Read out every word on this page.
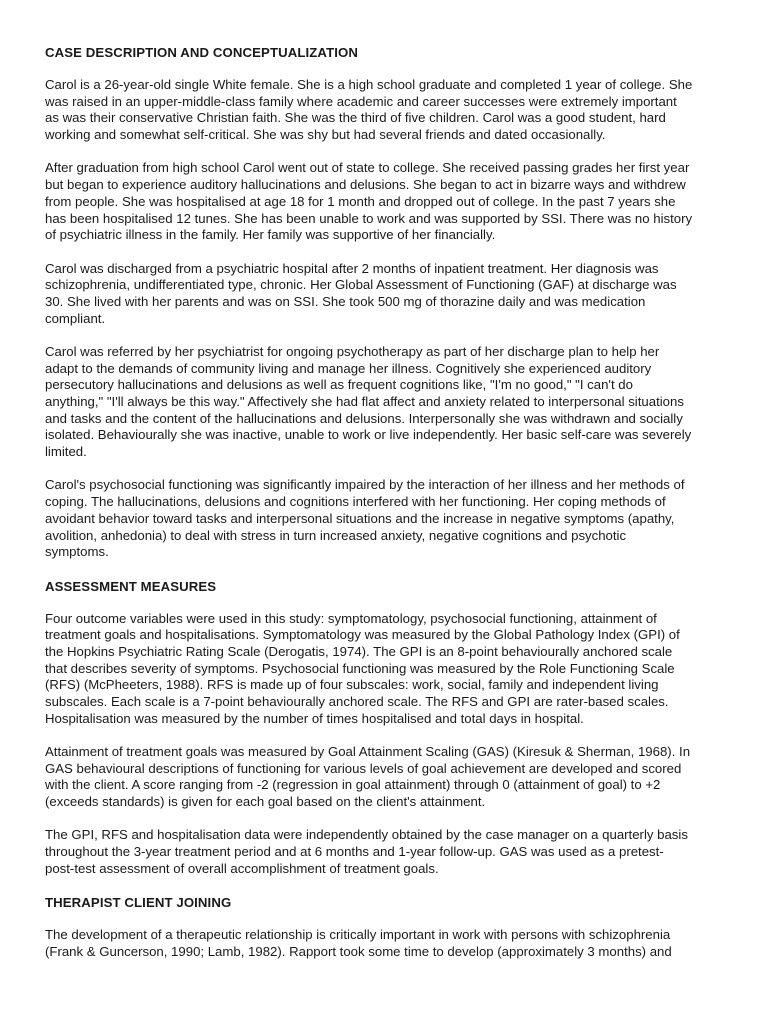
CASE DESCRIPTION AND CONCEPTUALIZATION
Carol is a 26-year-old single White female. She is a high school graduate and completed 1 year of college. She
was raised in an upper-middle-class family where academic and career successes were extremely important
as was their conservative Christian faith. She was the third of five children. Carol was a good student, hard
working and somewhat self-critical. She was shy but had several friends and dated occasionally.
After graduation from high school Carol went out of state to college. She received passing grades her first year
but began to experience auditory hallucinations and delusions. She began to act in bizarre ways and withdrew
from people. She was hospitalised at age 18 for 1 month and dropped out of college. In the past 7 years she
has been hospitalised 12 tunes. She has been unable to work and was supported by SSI. There was no history
of psychiatric illness in the family. Her family was supportive of her financially.
Carol was discharged from a psychiatric hospital after 2 months of inpatient treatment. Her diagnosis was
schizophrenia, undifferentiated type, chronic. Her Global Assessment of Functioning (GAF) at discharge was
30. She lived with her parents and was on SSI. She took 500 mg of thorazine daily and was medication
compliant.
Carol was referred by her psychiatrist for ongoing psychotherapy as part of her discharge plan to help her
adapt to the demands of community living and manage her illness. Cognitively she experienced auditory
persecutory hallucinations and delusions as well as frequent cognitions like, "I'm no good," "I can't do
anything," "I'll always be this way." Affectively she had flat affect and anxiety related to interpersonal situations
and tasks and the content of the hallucinations and delusions. Interpersonally she was withdrawn and socially
isolated. Behaviourally she was inactive, unable to work or live independently. Her basic self-care was severely
limited.
Carol's psychosocial functioning was significantly impaired by the interaction of her illness and her methods of
coping. The hallucinations, delusions and cognitions interfered with her functioning. Her coping methods of
avoidant behavior toward tasks and interpersonal situations and the increase in negative symptoms (apathy,
avolition, anhedonia) to deal with stress in turn increased anxiety, negative cognitions and psychotic
symptoms.
ASSESSMENT MEASURES
Four outcome variables were used in this study: symptomatology, psychosocial functioning, attainment of
treatment goals and hospitalisations. Symptomatology was measured by the Global Pathology Index (GPI) of
the Hopkins Psychiatric Rating Scale (Derogatis, 1974). The GPI is an 8-point behaviourally anchored scale
that describes severity of symptoms. Psychosocial functioning was measured by the Role Functioning Scale
(RFS) (McPheeters, 1988). RFS is made up of four subscales: work, social, family and independent living
subscales. Each scale is a 7-point behaviourally anchored scale. The RFS and GPI are rater-based scales.
Hospitalisation was measured by the number of times hospitalised and total days in hospital.
Attainment of treatment goals was measured by Goal Attainment Scaling (GAS) (Kiresuk & Sherman, 1968). In
GAS behavioural descriptions of functioning for various levels of goal achievement are developed and scored
with the client. A score ranging from -2 (regression in goal attainment) through 0 (attainment of goal) to +2
(exceeds standards) is given for each goal based on the client's attainment.
The GPI, RFS and hospitalisation data were independently obtained by the case manager on a quarterly basis
throughout the 3-year treatment period and at 6 months and 1-year follow-up. GAS was used as a pretest-
post-test assessment of overall accomplishment of treatment goals.
THERAPIST CLIENT JOINING
The development of a therapeutic relationship is critically important in work with persons with schizophrenia
(Frank & Guncerson, 1990; Lamb, 1982). Rapport took some time to develop (approximately 3 months) and
